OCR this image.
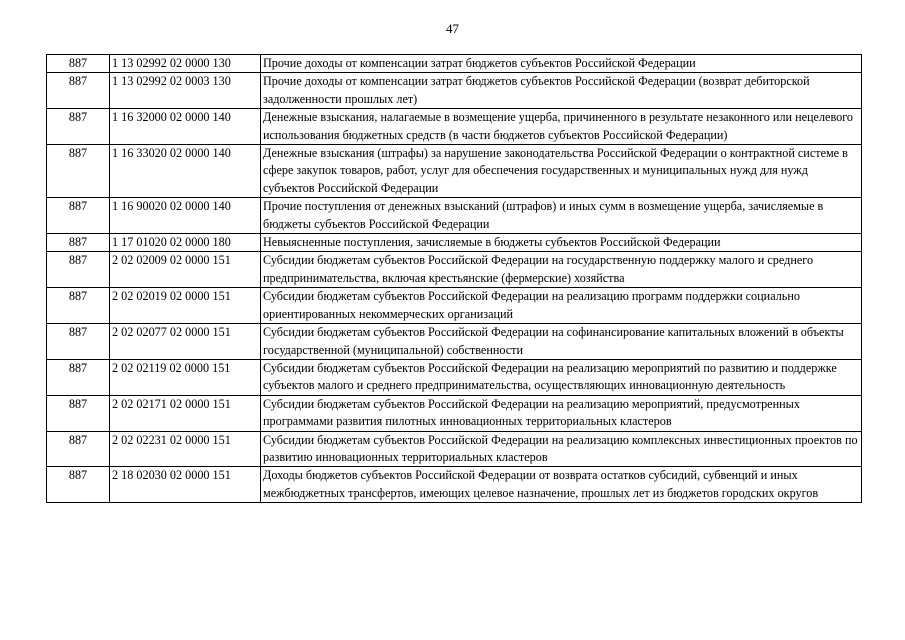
47
887	1 13 02992 02 0000 130	Прочие доходы от компенсации затрат бюджетов субъектов Российской Федерации
887	1 13 02992 02 0003 130	Прочие доходы от компенсации затрат бюджетов субъектов Российской Федерации (возврат дебиторской задолженности прошлых лет)
887	1 16 32000 02 0000 140	Денежные взыскания, налагаемые в возмещение ущерба, причиненного в результате незаконного или нецелевого использования бюджетных средств (в части бюджетов субъектов Российской Федерации)
887	1 16 33020 02 0000 140	Денежные взыскания (штрафы) за нарушение законодательства Российской Федерации о контрактной системе в сфере закупок товаров, работ, услуг для обеспечения государственных и муниципальных нужд для нужд субъектов Российской Федерации
887	1 16 90020 02 0000 140	Прочие поступления от денежных взысканий (штрафов) и иных сумм в возмещение ущерба, зачисляемые в бюджеты субъектов Российской Федерации
887	1 17 01020 02 0000 180	Невыясненные поступления, зачисляемые в бюджеты субъектов Российской Федерации
887	2 02 02009 02 0000 151	Субсидии бюджетам субъектов Российской Федерации на государственную поддержку малого и среднего предпринимательства, включая крестьянские (фермерские) хозяйства
887	2 02 02019 02 0000 151	Субсидии бюджетам субъектов Российской Федерации на реализацию программ поддержки социально ориентированных некоммерческих организаций
887	2 02 02077 02 0000 151	Субсидии бюджетам субъектов Российской Федерации на софинансирование капитальных вложений в объекты государственной (муниципальной) собственности
887	2 02 02119 02 0000 151	Субсидии бюджетам субъектов Российской Федерации на реализацию мероприятий по развитию и поддержке субъектов малого и среднего предпринимательства, осуществляющих инновационную деятельность
887	2 02 02171 02 0000 151	Субсидии бюджетам субъектов Российской Федерации на реализацию мероприятий, предусмотренных программами развития пилотных инновационных территориальных кластеров
887	2 02 02231 02 0000 151	Субсидии бюджетам субъектов Российской Федерации на реализацию комплексных инвестиционных проектов по развитию инновационных территориальных кластеров
887	2 18 02030 02 0000 151	Доходы бюджетов субъектов Российской Федерации от возврата остатков субсидий, субвенций и иных межбюджетных трансфертов, имеющих целевое назначение, прошлых лет из бюджетов городских округов
